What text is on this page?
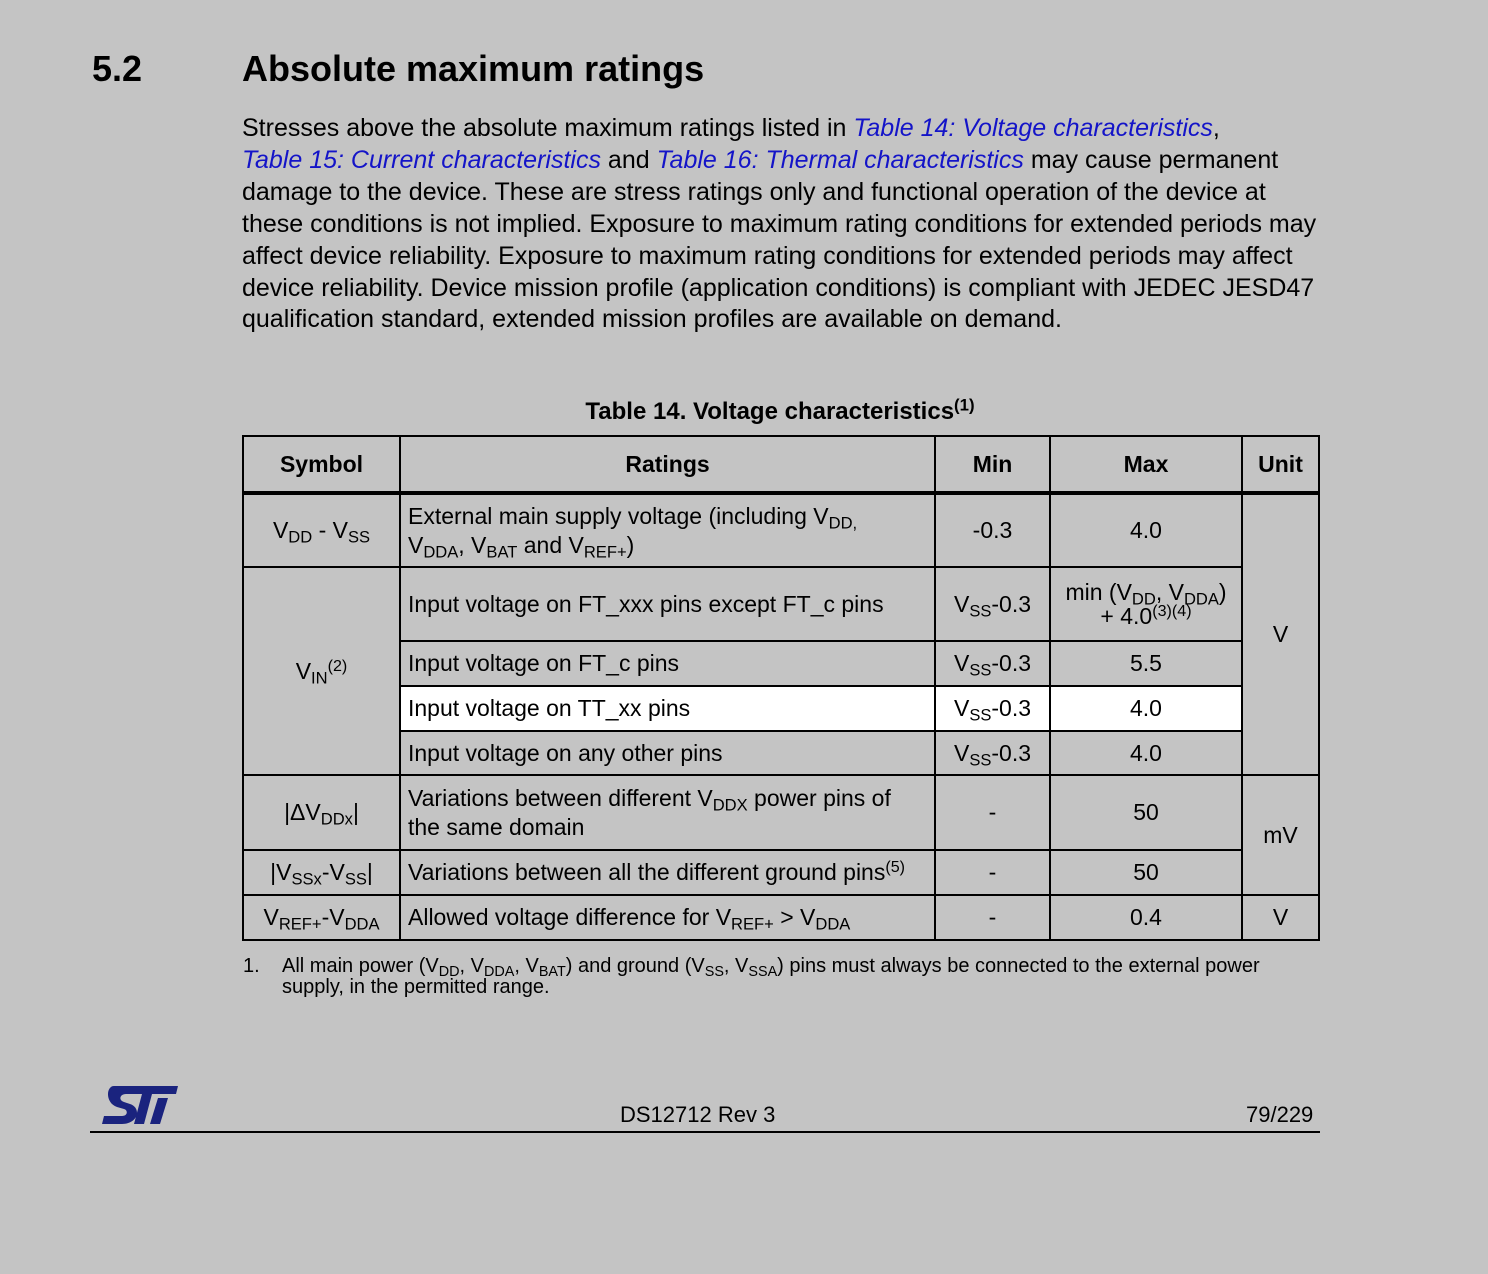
5.2	Absolute maximum ratings
Stresses above the absolute maximum ratings listed in Table 14: Voltage characteristics,
Table 15: Current characteristics and Table 16: Thermal characteristics may cause permanent damage to the device. These are stress ratings only and functional operation of the device at these conditions is not implied. Exposure to maximum rating conditions for extended periods may affect device reliability. Exposure to maximum rating conditions for extended periods may affect device reliability. Device mission profile (application conditions) is compliant with JEDEC JESD47 qualification standard, extended mission profiles are available on demand.
Table 14. Voltage characteristics$^{(1)}$
Symbol	Ratings	Min	Max	Unit
$V_{DD} - V_{SS}$	External main supply voltage (including $V_{DD,}$
$V_{DDA}$, $V_{BAT}$ and $V_{REF+}$)	-0.3	4.0	V
$V_{IN}^{(2)}$	Input voltage on FT_xxx pins except FT_c pins	$V_{SS}-0.3$	$\min (V_{DD}$, $V_{DDA}$)
+ $4.0^{(3)(4)}$
	Input voltage on FT_c pins	$V_{SS}-0.3$	5.5	
	Input voltage on TT_xx pins	$V_{SS}-0.3$	4.0	
	Input voltage on any other pins	$V_{SS}-0.3$	4.0	
$|\Delta V_{DDx}|$	Variations between different $V_{DDX}$ power pins of
the same domain	-	50	mV
$|V_{SSx}-V_{SS}|$	Variations between all the different ground pins$^{(5)}$	-	50	
$V_{REF+}-V_{DDA}$	Allowed voltage difference for $V_{REF+} > V_{DDA}$	-	0.4	V
1. All main power ($V_{DD}$, $V_{DDA}$, $V_{BAT}$) and ground ($V_{SS}$, $V_{SSA}$) pins must always be connected to the external power supply, in the permitted range.
DS12712 Rev 3	79/229
